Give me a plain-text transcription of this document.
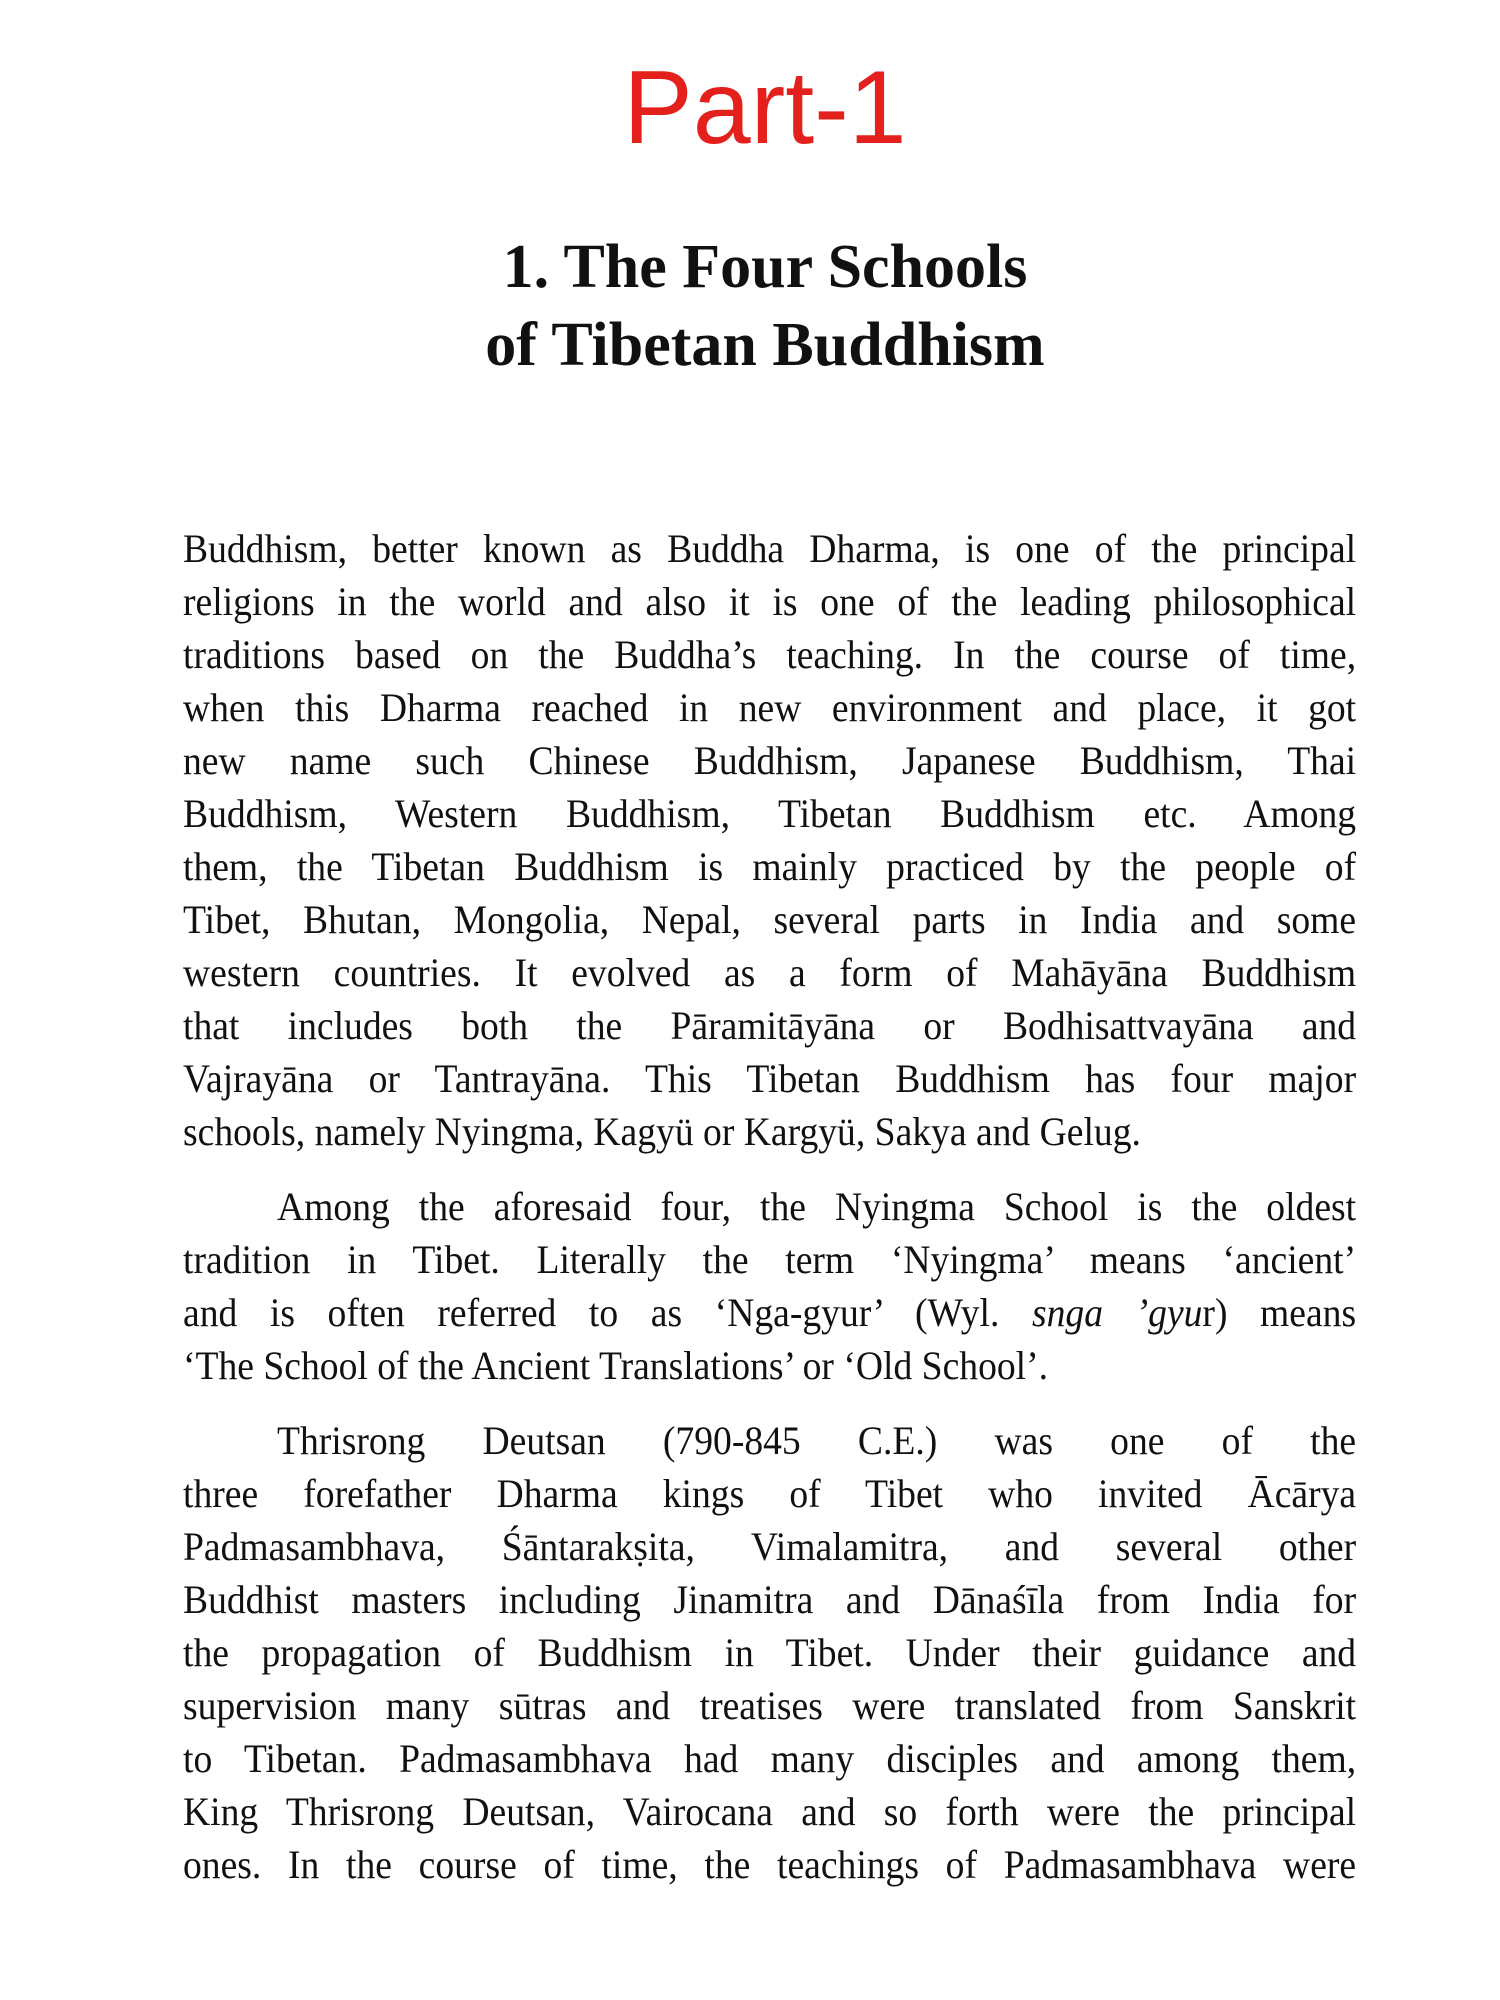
Part-1
1. The Four Schools
of Tibetan Buddhism
Buddhism, better known as Buddha Dharma, is one of the principal
religions in the world and also it is one of the leading philosophical
traditions based on the Buddha’s teaching. In the course of time,
when this Dharma reached in new environment and place, it got
new name such Chinese Buddhism, Japanese Buddhism, Thai
Buddhism, Western Buddhism, Tibetan Buddhism etc. Among
them, the Tibetan Buddhism is mainly practiced by the people of
Tibet, Bhutan, Mongolia, Nepal, several parts in India and some
western countries. It evolved as a form of Mahāyāna Buddhism
that includes both the Pāramitāyāna or Bodhisattvayāna and
Vajrayāna or Tantrayāna. This Tibetan Buddhism has four major
schools, namely Nyingma, Kagyü or Kargyü, Sakya and Gelug.
Among the aforesaid four, the Nyingma School is the oldest
tradition in Tibet. Literally the term ‘Nyingma’ means ‘ancient’
and is often referred to as ‘Nga-gyur’ (Wyl. snga ’gyur) means
‘The School of the Ancient Translations’ or ‘Old School’.
Thrisrong Deutsan (790-845 C.E.) was one of the
three forefather Dharma kings of Tibet who invited Ācārya
Padmasambhava, Śāntarakṣita, Vimalamitra, and several other
Buddhist masters including Jinamitra and Dānaśīla from India for
the propagation of Buddhism in Tibet. Under their guidance and
supervision many sūtras and treatises were translated from Sanskrit
to Tibetan. Padmasambhava had many disciples and among them,
King Thrisrong Deutsan, Vairocana and so forth were the principal
ones. In the course of time, the teachings of Padmasambhava were
